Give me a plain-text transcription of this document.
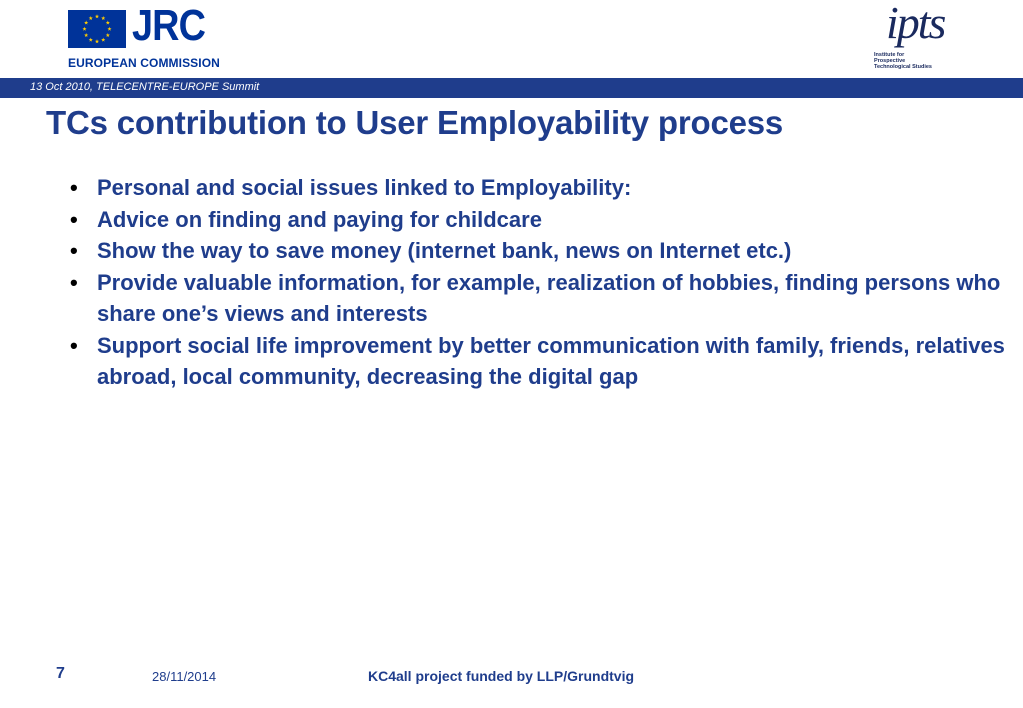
JRC
EUROPEAN COMMISSION
ipts
Institute for
Prospective
Technological Studies
13 Oct 2010, TELECENTRE-EUROPE Summit
TCs contribution to User Employability process
• Personal and social issues linked to Employability:
• Advice on finding and paying for childcare
• Show the way to save money (internet bank, news on Internet etc.)
• Provide valuable information, for example, realization of hobbies, finding persons who share one’s views and interests
• Support social life improvement by better communication with family, friends, relatives abroad, local community, decreasing the digital gap
7	28/11/2014	KC4all project funded by LLP/Grundtvig
